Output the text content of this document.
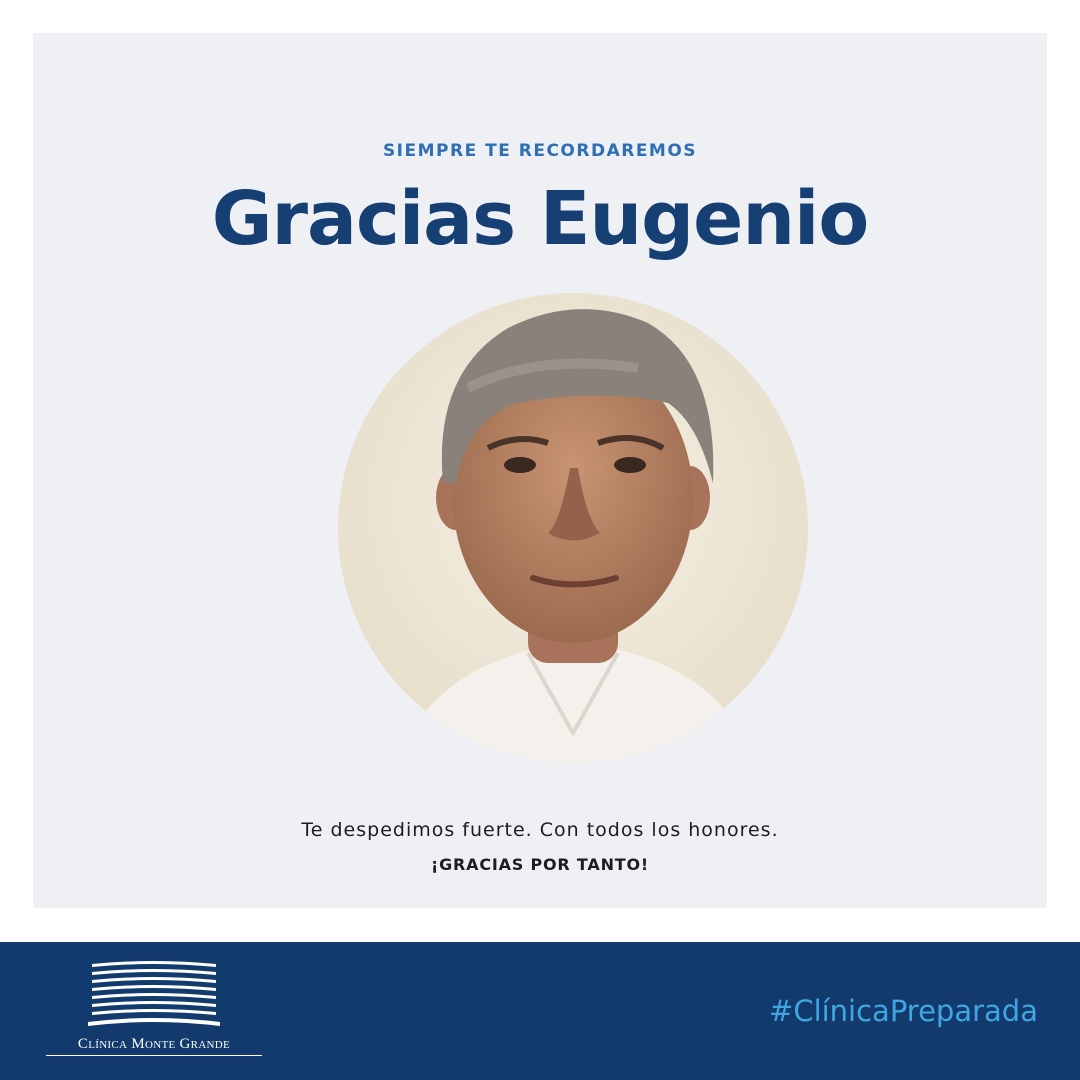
SIEMPRE TE RECORDAREMOS
Gracias Eugenio
Te despedimos fuerte. Con todos los honores.
¡GRACIAS POR TANTO!
Clínica Monte Grande
#ClínicaPreparada
